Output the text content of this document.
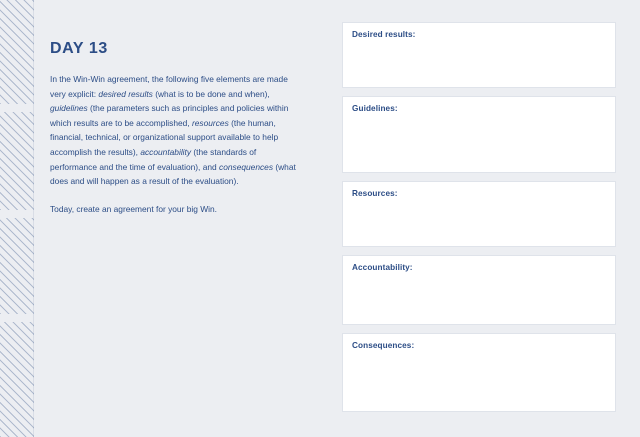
DAY 13

In the Win-Win agreement, the following five elements are made very explicit: desired results (what is to be done and when), guidelines (the parameters such as principles and policies within which results are to be accomplished, resources (the human, financial, technical, or organizational support available to help accomplish the results), accountability (the standards of performance and the time of evaluation), and consequences (what does and will happen as a result of the evaluation).

Today, create an agreement for your big Win.

Desired results:
Guidelines:
Resources:
Accountability:
Consequences:
